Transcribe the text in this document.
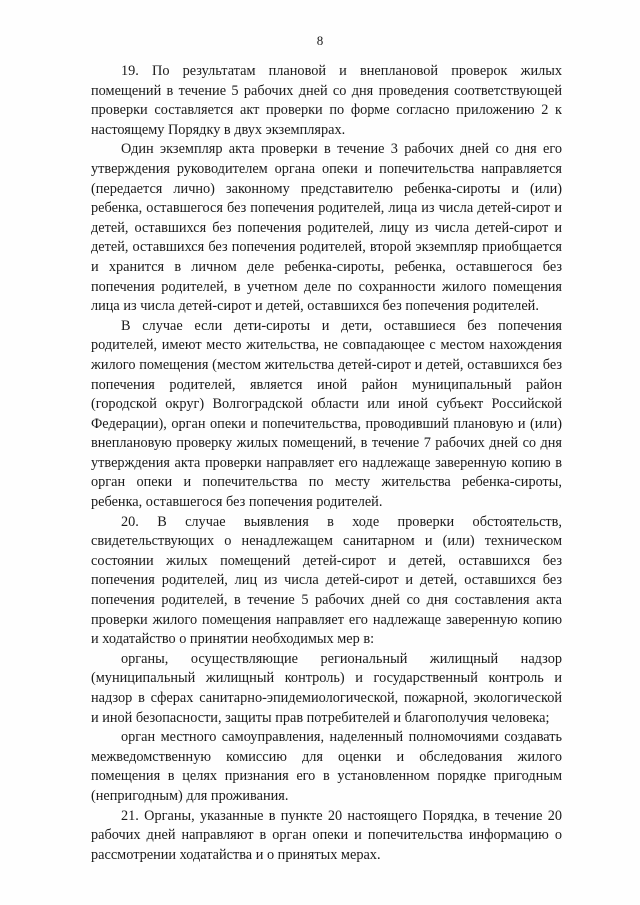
8

19. По результатам плановой и внеплановой проверок жилых помещений в течение 5 рабочих дней со дня проведения соответствующей проверки составляется акт проверки по форме согласно приложению 2 к настоящему Порядку в двух экземплярах.

Один экземпляр акта проверки в течение 3 рабочих дней со дня его утверждения руководителем органа опеки и попечительства направляется (передается лично) законному представителю ребенка-сироты и (или) ребенка, оставшегося без попечения родителей, лица из числа детей-сирот и детей, оставшихся без попечения родителей, лицу из числа детей-сирот и детей, оставшихся без попечения родителей, второй экземпляр приобщается и хранится в личном деле ребенка-сироты, ребенка, оставшегося без попечения родителей, в учетном деле по сохранности жилого помещения лица из числа детей-сирот и детей, оставшихся без попечения родителей.

В случае если дети-сироты и дети, оставшиеся без попечения родителей, имеют место жительства, не совпадающее с местом нахождения жилого помещения (местом жительства детей-сирот и детей, оставшихся без попечения родителей, является иной район муниципальный район (городской округ) Волгоградской области или иной субъект Российской Федерации), орган опеки и попечительства, проводивший плановую и (или) внеплановую проверку жилых помещений, в течение 7 рабочих дней со дня утверждения акта проверки направляет его надлежаще заверенную копию в орган опеки и попечительства по месту жительства ребенка-сироты, ребенка, оставшегося без попечения родителей.

20. В случае выявления в ходе проверки обстоятельств, свидетельствующих о ненадлежащем санитарном и (или) техническом состоянии жилых помещений детей-сирот и детей, оставшихся без попечения родителей, лиц из числа детей-сирот и детей, оставшихся без попечения родителей, в течение 5 рабочих дней со дня составления акта проверки жилого помещения направляет его надлежаще заверенную копию и ходатайство о принятии необходимых мер в:

органы, осуществляющие региональный жилищный надзор (муниципальный жилищный контроль) и государственный контроль и надзор в сферах санитарно-эпидемиологической, пожарной, экологической и иной безопасности, защиты прав потребителей и благополучия человека;

орган местного самоуправления, наделенный полномочиями создавать межведомственную комиссию для оценки и обследования жилого помещения в целях признания его в установленном порядке пригодным (непригодным) для проживания.

21. Органы, указанные в пункте 20 настоящего Порядка, в течение 20 рабочих дней направляют в орган опеки и попечительства информацию о рассмотрении ходатайства и о принятых мерах.
